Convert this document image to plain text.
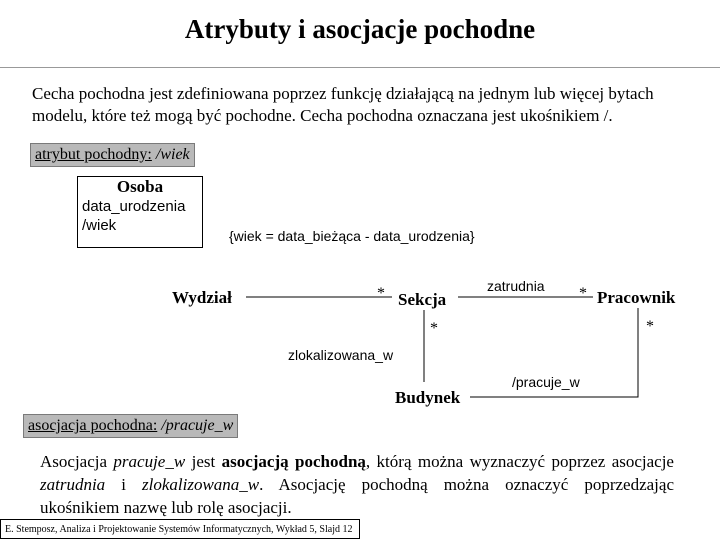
Atrybuty i asocjacje pochodne
Cecha pochodna jest zdefiniowana poprzez funkcję działającą na jednym lub więcej bytach modelu, które też mogą być pochodne. Cecha pochodna oznaczana jest ukośnikiem /.
atrybut pochodny: /wiek
Osoba
data_urodzenia
/wiek
{wiek = data_bieżąca - data_urodzenia}
Wydział	* Sekcja
zatrudnia * Pracownik
*	*
zlokalizowana_w
/pracuje_w
Budynek
asocjacja pochodna: /pracuje_w
Asocjacja pracuje_w jest asocjacją pochodną, którą można wyznaczyć poprzez asocjacje zatrudnia i zlokalizowana_w. Asocjację pochodną można oznaczyć poprzedzając ukośnikiem nazwę lub rolę asocjacji.
E. Stemposz, Analiza i Projektowanie Systemów Informatycznych, Wykład 5, Slajd 12
